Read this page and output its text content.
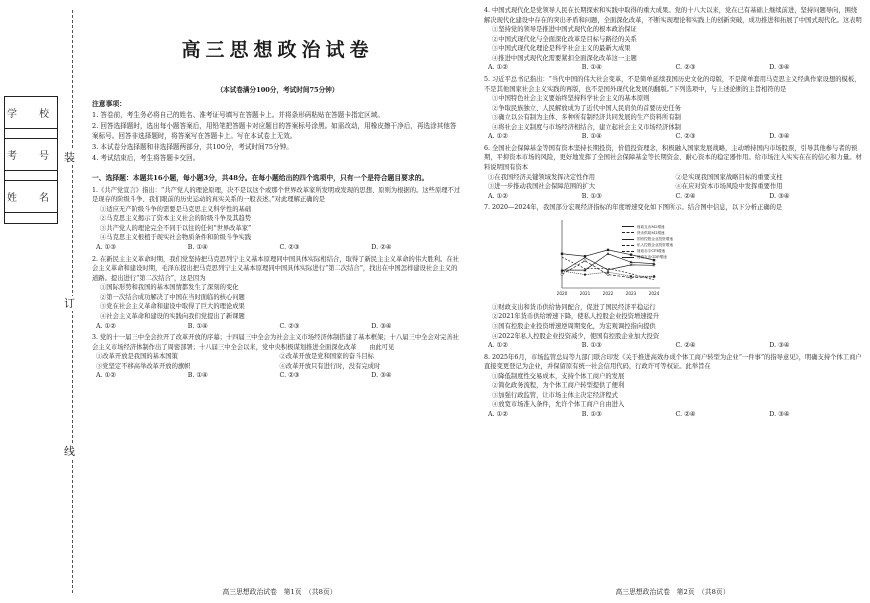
装
订
线
学　校
考　号
姓　名
高三思想政治试卷
（本试卷满分100分，考试时间75分钟）
注意事项：
1. 答卷前，考生务必将自己的姓名、准考证号填写在答题卡上。并将条形码粘贴在答题卡指定区域。
2. 回答选择题时，选出每小题答案后，用铅笔把答题卡对应题目的答案标号涂黑。如需改动，用橡皮擦干净后，再选涂其他答案标号。回答非选择题时，将答案写在答题卡上。写在本试卷上无效。
3. 本试卷分选择题和非选择题两部分，共100分，考试时间75分钟。
4. 考试结束后，考生将答题卡交回。
一、选择题：本题共16小题，每小题3分，共48分。在每小题给出的四个选项中，只有一个是符合题目要求的。
1.《共产党宣言》指出：“共产党人的理论原理，决不是以这个或那个世界改革家所发明或发现的思想、原则为根据的。这些原理不过是现存的阶级斗争、我们眼前的历史运动的真实关系的一般表述。”对此理解正确的是
①适应无产阶级斗争的需要是马克思主义科学性的基础
②马克思主义揭示了资本主义社会的阶级斗争及其趋势
③共产党人的理论完全不同于以往的任何“世界改革家”
④马克思主义根植于现实社会物质条件和阶级斗争实践
A. ①③	B. ①④	C. ②③	D. ②④
2. 在新民主主义革命时期，我们党坚持把马克思列宁主义基本原理同中国具体实际相结合，取得了新民主主义革命的伟大胜利。在社会主义革命和建设时期，毛泽东提出把马克思列宁主义基本原理同中国具体实际进行“第二次结合”，找出在中国怎样建设社会主义的道路。提出进行“第二次结合”，这是因为
①国际形势和我国的基本国情都发生了深刻的变化
②第一次结合成功解决了中国在当时面临的核心问题
③党在社会主义革命和建设中取得了巨大的理论成果
④社会主义革命和建设的实践向我们党提出了新课题
A. ①②	B. ①④	C. ②③	D. ③④
3. 党的十一届三中全会拉开了改革开放的序幕；十四届三中全会为社会主义市场经济体制搭建了基本框架；十八届三中全会对完善社会主义市场经济体制作出了周密部署；十八届三中全会以来，党中央积极谋划推进全面深化改革　　由此可见
①改革开放是我国的基本国策	②改革开放是党和国家的奋斗目标
③党坚定不移高举改革开放的旗帜	④改革开放只有进行时，没有完成时
A. ①②	B. ①④	C. ②③	D. ③④
高三思想政治试卷　第1页　（共8页）
4. 中国式现代化是党领导人民在长期探索和实践中取得的重大成果。党的十八大以来，党在已有基础上继续前进，坚持问题导向，围绕解决现代化建设中存在的突出矛盾和问题，全面深化改革，不断实现理论和实践上的创新突破，成功推进和拓展了中国式现代化。这表明
①坚持党的领导是推进中国式现代化的根本政治保证
②中国式现代化与全面深化改革是目标与路径的关系
③中国式现代化理论是科学社会主义的最新大成果
④推进中国式现代化需要紧扣全面深化改革这一主题
A. ①②	B. ①④	C. ②③	D. ③④
5. 习近平总书记指出：“当代中国的伟大社会变革，不是简单延续我国历史文化的母版，不是简单套用马克思主义经典作家设想的模板，不是其他国家社会主义实践的再版，也不是国外现代化发展的翻版。”下列选项中，与上述论断的主旨相符的是
①中国特色社会主义要始终坚持科学社会主义的基本原则
②争取民族独立、人民解放成为了近代中国人民肩负的首要历史任务
③确立以公有制为主体、多种所有制经济共同发展的生产资料所有制
④将社会主义制度与市场经济相结合，建立起社会主义市场经济体制
A. ①②	B. ①④	C. ②③	D. ③④
6. 全国社会保障基金等国有资本坚持长期投资，价值投资理念，积极融入国家发展战略，主动增持国内市场股票，引导其他参与者的预期，平抑资本市场的风险，更好地发挥了全国社会保障基金等长期资金、耐心资本的稳定器作用。给市场注入实实在在的信心和力量。材料说明国有资本
①在我国经济关键领域发挥决定性作用	②是实现我国国家战略目标的重要支柱
③进一步推动我国社会保障范围的扩大	④在应对资本市场风险中发挥重要作用
A. ①②	B. ①③	C. ②④	D. ③④
7. 2020—2024年，我国部分宏观经济指标的年度增速变化如下图所示。结合图中信息，以下分析正确的是
2020	2021	2022	2023	2024
财政支出M2增速
货币供给M1增速
国有控股企业投资增速
私人控股企业投资增速
财政赤字CPI增速
财政支出GDP增速
①财政支出和货币供给协同配合，促进了国民经济平稳运行
②2021年货币供给增速下降，使私人控股企业投资增速提升
③国有控股企业投资增速逆周期变化，为宏观调控指向提供
④2022年私人控股企业投资减少，使国有控股企业加大投资
A. ①②	B. ①③	C. ②④	D. ③④
8. 2025年6月，市场监管总局等九部门联合印发《关于推进高效办成个体工商户转型为企业“一件事”的指导意见》，明确支持个体工商户直接变更登记为企业，并保留原有统一社会信用代码，行政许可等权证。此举旨在
①降低制度性交易成本，支持个体工商户的发展
②简化政务流程，为个体工商户转型提供了便利
③加强行政监管，让市场主体主决定经济程式
④放宽市场准入条件，允许个体工商户自由进入
A. ①②	B. ①③	C. ②④	D. ③④
高三思想政治试卷　第2页　（共8页）
